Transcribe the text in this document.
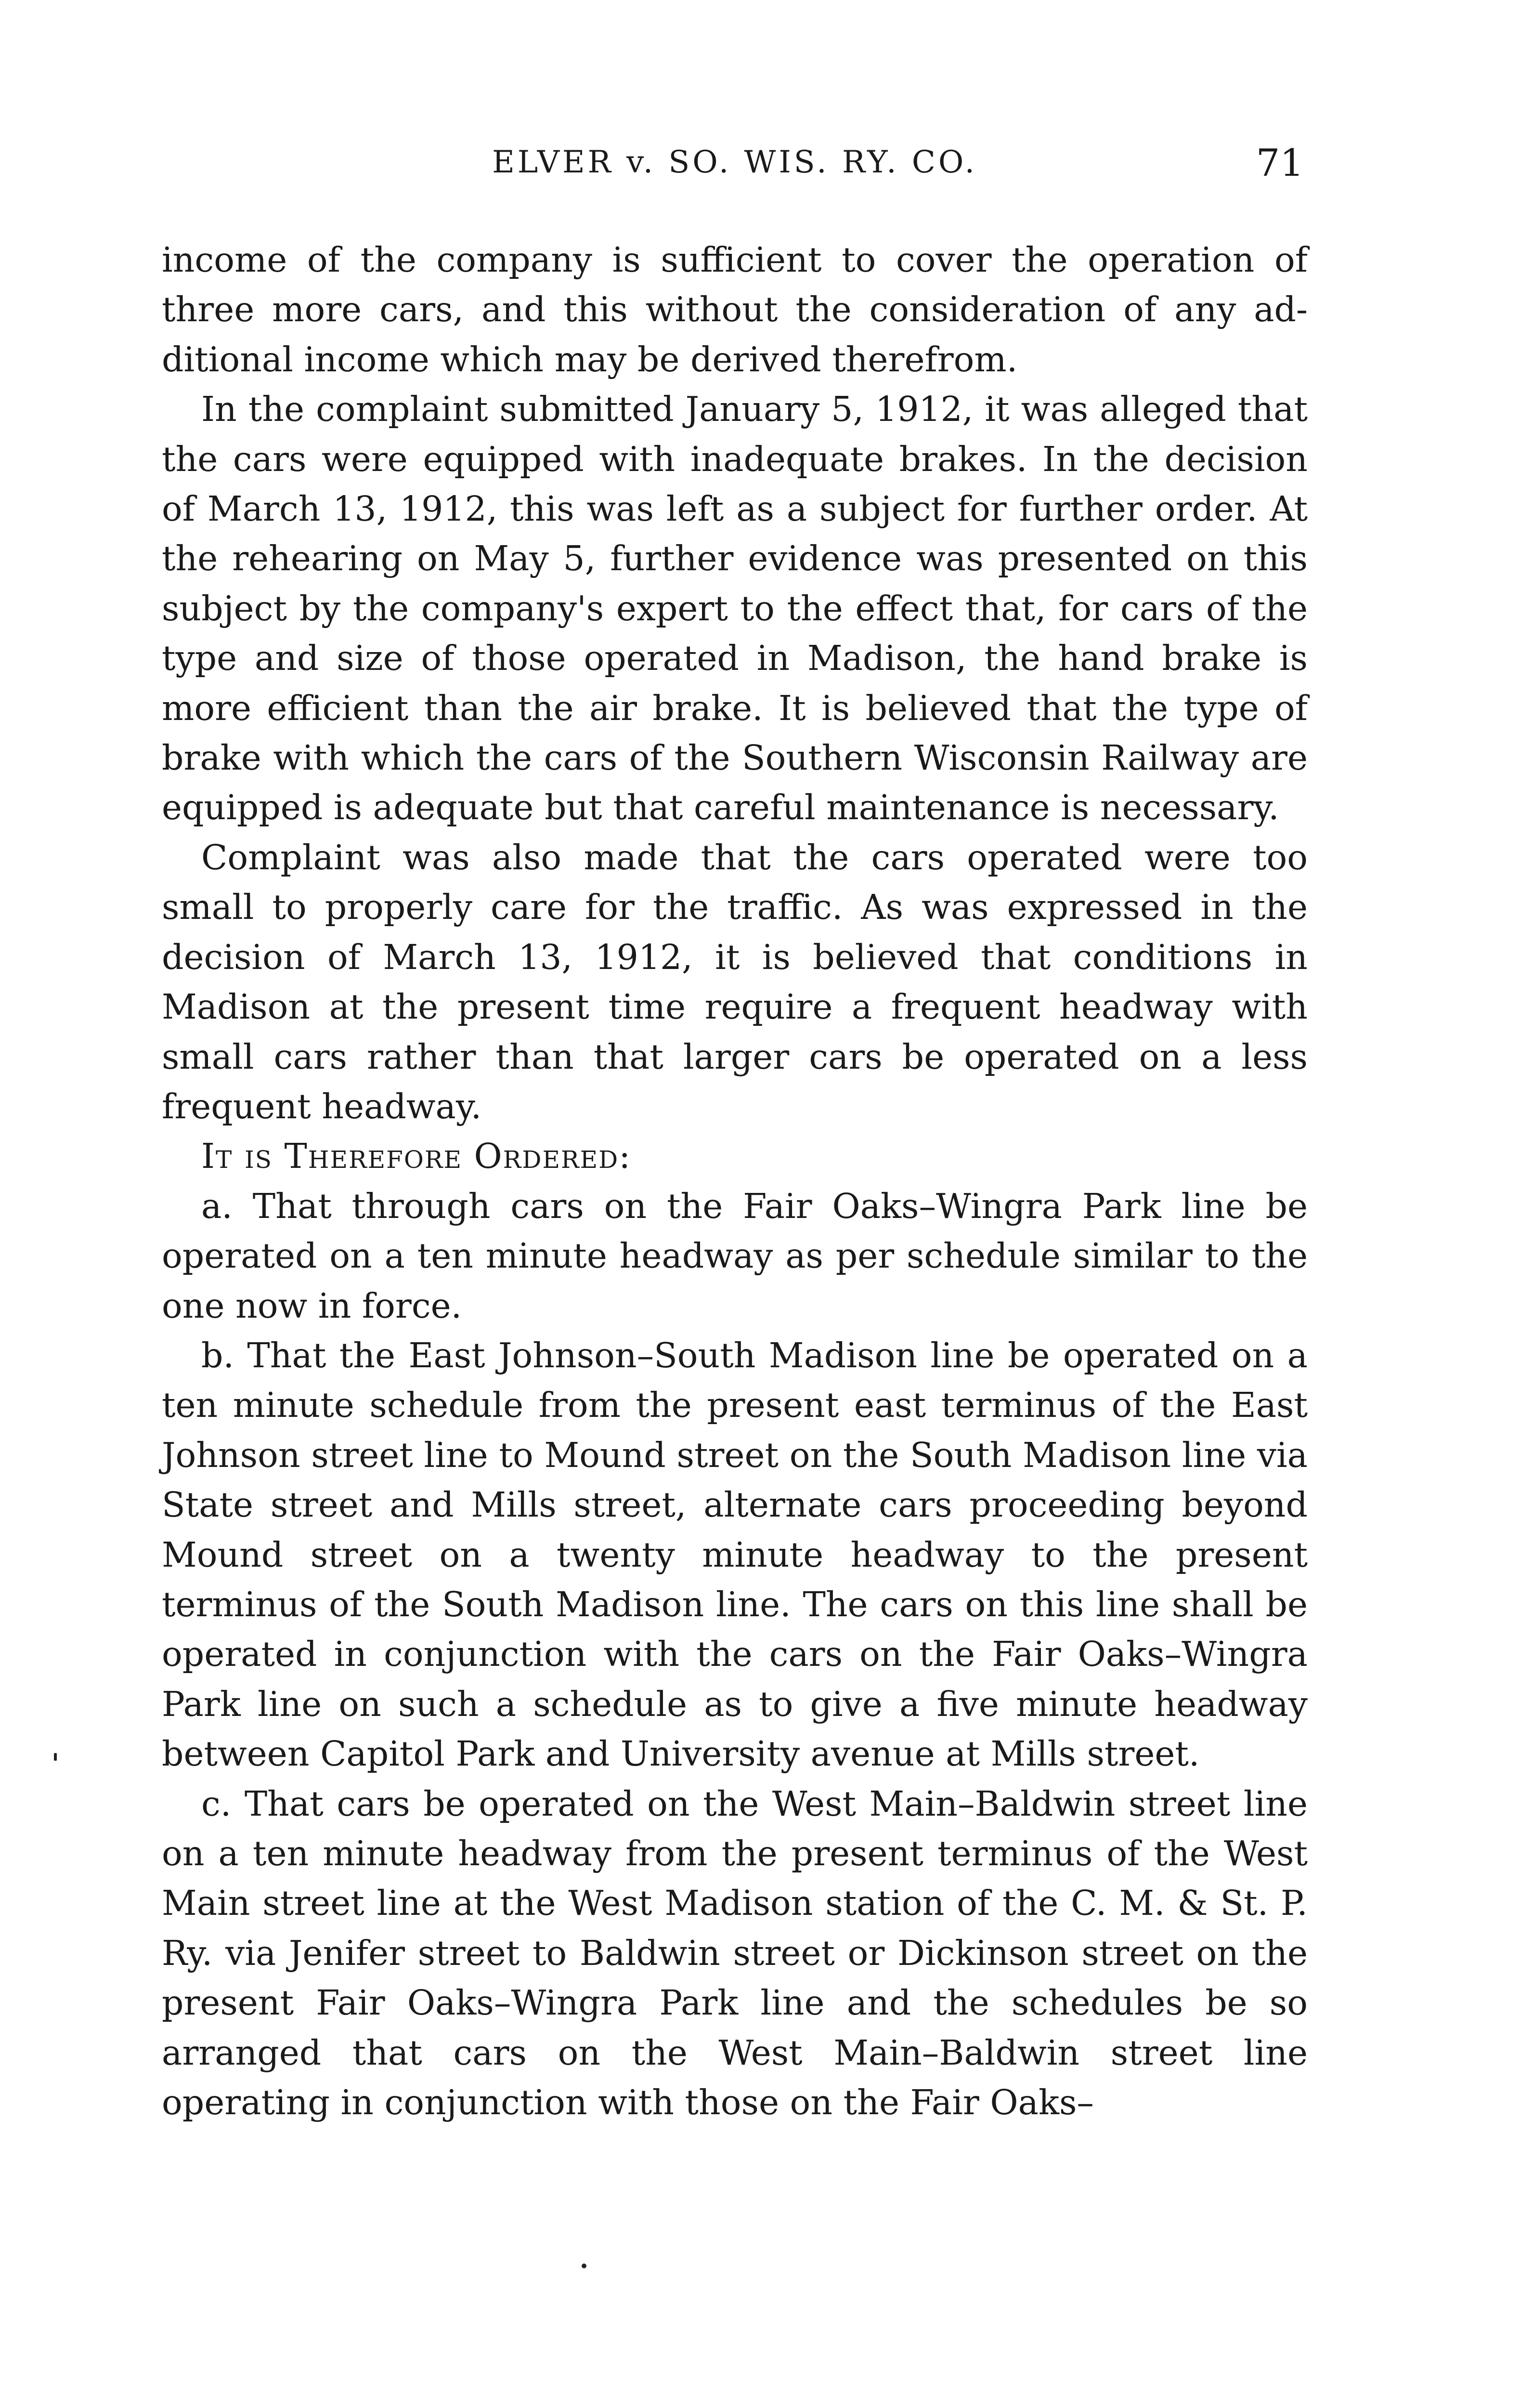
ELVER v. SO. WIS. RY. CO.	71

income of the company is sufficient to cover the operation of three more cars, and this without the consideration of any additional income which may be derived therefrom.

In the complaint submitted January 5, 1912, it was alleged that the cars were equipped with inadequate brakes. In the decision of March 13, 1912, this was left as a subject for further order. At the rehearing on May 5, further evidence was presented on this subject by the company's expert to the effect that, for cars of the type and size of those operated in Madison, the hand brake is more efficient than the air brake. It is believed that the type of brake with which the cars of the Southern Wisconsin Railway are equipped is adequate but that careful maintenance is necessary.

Complaint was also made that the cars operated were too small to properly care for the traffic. As was expressed in the decision of March 13, 1912, it is believed that conditions in Madison at the present time require a frequent headway with small cars rather than that larger cars be operated on a less frequent headway.

It is Therefore Ordered:

a. That through cars on the Fair Oaks–Wingra Park line be operated on a ten minute headway as per schedule similar to the one now in force.

b. That the East Johnson–South Madison line be operated on a ten minute schedule from the present east terminus of the East Johnson street line to Mound street on the South Madison line via State street and Mills street, alternate cars proceeding beyond Mound street on a twenty minute headway to the present terminus of the South Madison line. The cars on this line shall be operated in conjunction with the cars on the Fair Oaks–Wingra Park line on such a schedule as to give a five minute headway between Capitol Park and University avenue at Mills street.

c. That cars be operated on the West Main–Baldwin street line on a ten minute headway from the present terminus of the West Main street line at the West Madison station of the C. M. & St. P. Ry. via Jenifer street to Baldwin street or Dickinson street on the present Fair Oaks–Wingra Park line and the schedules be so arranged that cars on the West Main–Baldwin street line operating in conjunction with those on the Fair Oaks–
